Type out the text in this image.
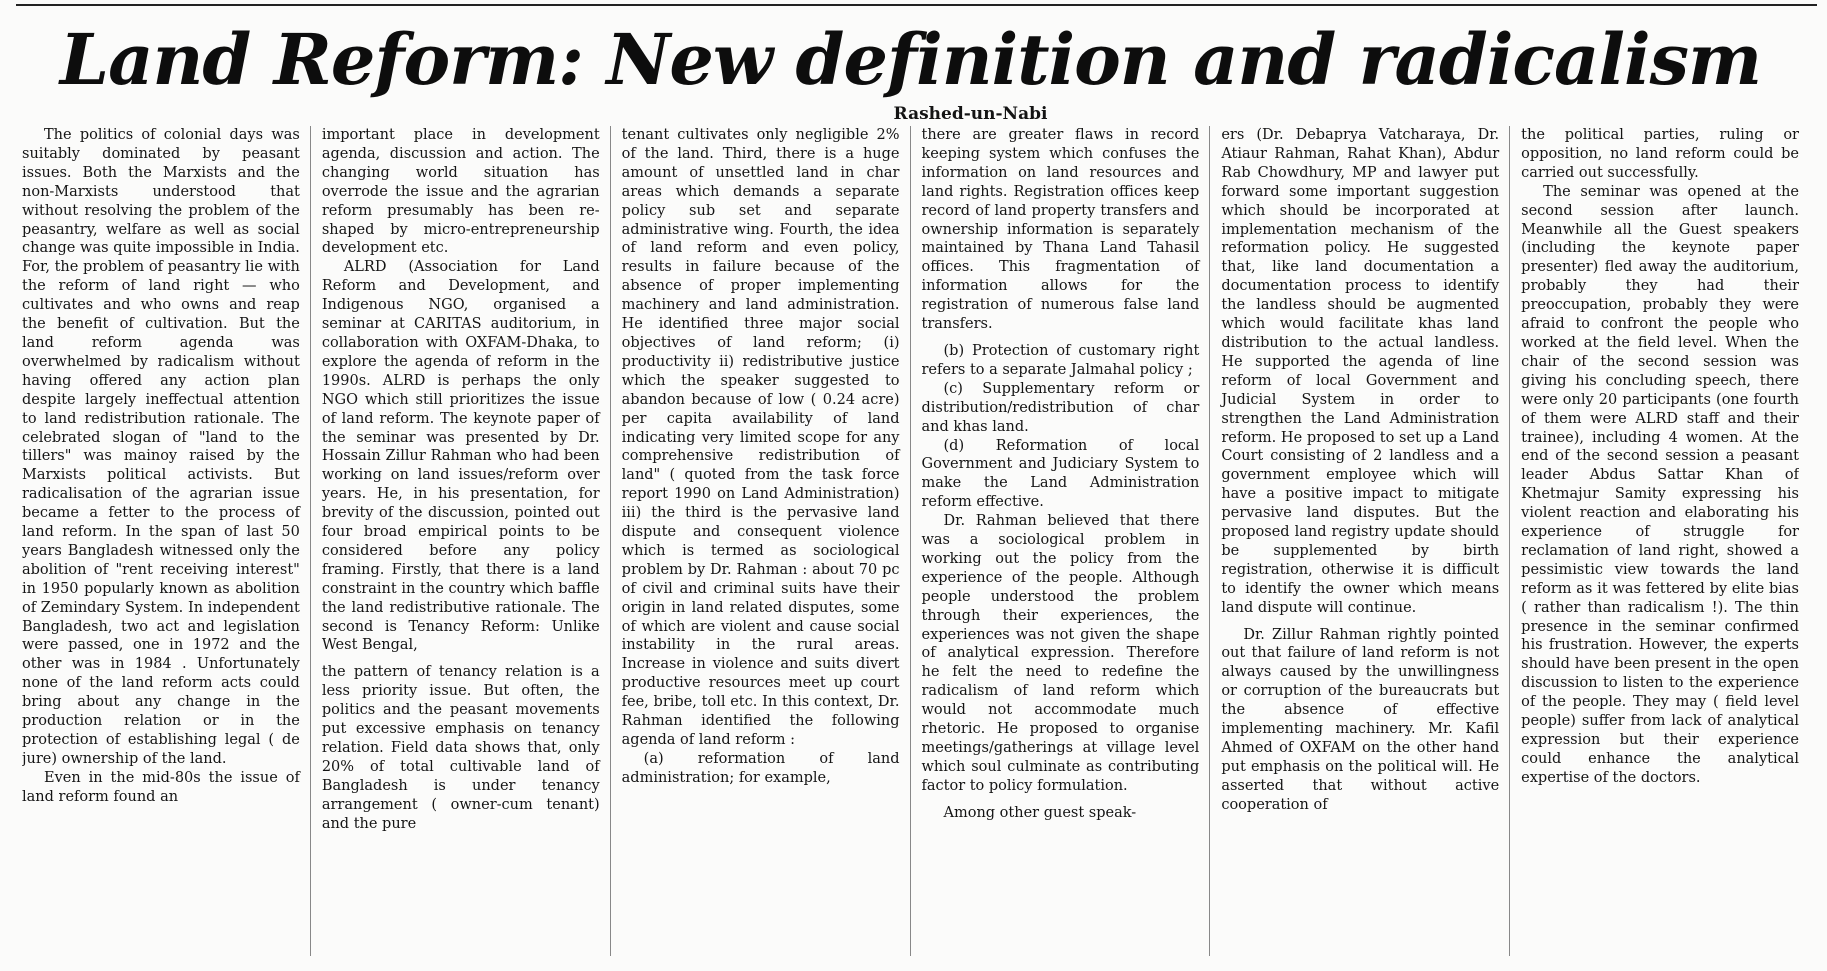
Land Reform: New definition and radicalism
Rashed-un-Nabi

The politics of colonial days was suitably dominated by peasant issues. Both the Marxists and the non-Marxists understood that without resolving the problem of the peasantry, welfare as well as social change was quite impossible in India. For, the problem of peasantry lie with the reform of land right — who cultivates and who owns and reap the benefit of cultivation. But the land reform agenda was overwhelmed by radicalism without having offered any action plan despite largely ineffectual attention to land redistribution rationale. The celebrated slogan of "land to the tillers" was mainoy raised by the Marxists political activists. But radicalisation of the agrarian issue became a fetter to the process of land reform. In the span of last 50 years Bangladesh witnessed only the abolition of "rent receiving interest" in 1950 popularly known as abolition of Zemindary System. In independent Bangladesh, two act and legislation were passed, one in 1972 and the other was in 1984 . Unfortunately none of the land reform acts could bring about any change in the production relation or in the protection of establishing legal ( de jure) ownership of the land.

Even in the mid-80s the issue of land reform found an

important place in development agenda, discussion and action. The changing world situation has overrode the issue and the agrarian reform presumably has been re-shaped by micro-entrepreneurship development etc.

ALRD (Association for Land Reform and Development, and Indigenous NGO, organised a seminar at CARITAS auditorium, in collaboration with OXFAM-Dhaka, to explore the agenda of reform in the 1990s. ALRD is perhaps the only NGO which still prioritizes the issue of land reform. The keynote paper of the seminar was presented by Dr. Hossain Zillur Rahman who had been working on land issues/reform over years. He, in his presentation, for brevity of the discussion, pointed out four broad empirical points to be considered before any policy framing. Firstly, that there is a land constraint in the country which baffle the land redistributive rationale. The second is Tenancy Reform: Unlike West Bengal,

the pattern of tenancy relation is a less priority issue. But often, the politics and the peasant movements put excessive emphasis on tenancy relation. Field data shows that, only 20% of total cultivable land of Bangladesh is under tenancy arrangement ( owner-cum tenant) and the pure

tenant cultivates only negligible 2% of the land. Third, there is a huge amount of unsettled land in char areas which demands a separate policy sub set and separate administrative wing. Fourth, the idea of land reform and even policy, results in failure because of the absence of proper implementing machinery and land administration. He identified three major social objectives of land reform; (i) productivity ii) redistributive justice which the speaker suggested to abandon because of low ( 0.24 acre) per capita availability of land indicating very limited scope for any comprehensive redistribution of land" ( quoted from the task force report 1990 on Land Administration) iii) the third is the pervasive land dispute and consequent violence which is termed as sociological problem by Dr. Rahman : about 70 pc of civil and criminal suits have their origin in land related disputes, some of which are violent and cause social instability in the rural areas. Increase in violence and suits divert productive resources meet up court fee, bribe, toll etc. In this context, Dr. Rahman identified the following agenda of land reform :

(a) reformation of land administration; for example,

there are greater flaws in record keeping system which confuses the information on land resources and land rights. Registration offices keep record of land property transfers and ownership information is separately maintained by Thana Land Tahasil offices. This fragmentation of information allows for the registration of numerous false land transfers.

(b) Protection of customary right refers to a separate Jalmahal policy ;

(c) Supplementary reform or distribution/redistribution of char and khas land.

(d) Reformation of local Government and Judiciary System to make the Land Administration reform effective.

Dr. Rahman believed that there was a sociological problem in working out the policy from the experience of the people. Although people understood the problem through their experiences, the experiences was not given the shape of analytical expression. Therefore he felt the need to redefine the radicalism of land reform which would not accommodate much rhetoric. He proposed to organise meetings/gatherings at village level which soul culminate as contributing factor to policy formulation.

Among other guest speak-

ers (Dr. Debaprya Vatcharaya, Dr. Atiaur Rahman, Rahat Khan), Abdur Rab Chowdhury, MP and lawyer put forward some important suggestion which should be incorporated at implementation mechanism of the reformation policy. He suggested that, like land documentation a documentation process to identify the landless should be augmented which would facilitate khas land distribution to the actual landless. He supported the agenda of line reform of local Government and Judicial System in order to strengthen the Land Administration reform. He proposed to set up a Land Court consisting of 2 landless and a government employee which will have a positive impact to mitigate pervasive land disputes. But the proposed land registry update should be supplemented by birth registration, otherwise it is difficult to identify the owner which means land dispute will continue.

Dr. Zillur Rahman rightly pointed out that failure of land reform is not always caused by the unwillingness or corruption of the bureaucrats but the absence of effective implementing machinery. Mr. Kafil Ahmed of OXFAM on the other hand put emphasis on the political will. He asserted that without active cooperation of

the political parties, ruling or opposition, no land reform could be carried out successfully.

The seminar was opened at the second session after launch. Meanwhile all the Guest speakers (including the keynote paper presenter) fled away the auditorium, probably they had their preoccupation, probably they were afraid to confront the people who worked at the field level. When the chair of the second session was giving his concluding speech, there were only 20 participants (one fourth of them were ALRD staff and their trainee), including 4 women. At the end of the second session a peasant leader Abdus Sattar Khan of Khetmajur Samity expressing his violent reaction and elaborating his experience of struggle for reclamation of land right, showed a pessimistic view towards the land reform as it was fettered by elite bias ( rather than radicalism !). The thin presence in the seminar confirmed his frustration. However, the experts should have been present in the open discussion to listen to the experience of the people. They may ( field level people) suffer from lack of analytical expression but their experience could enhance the analytical expertise of the doctors.
